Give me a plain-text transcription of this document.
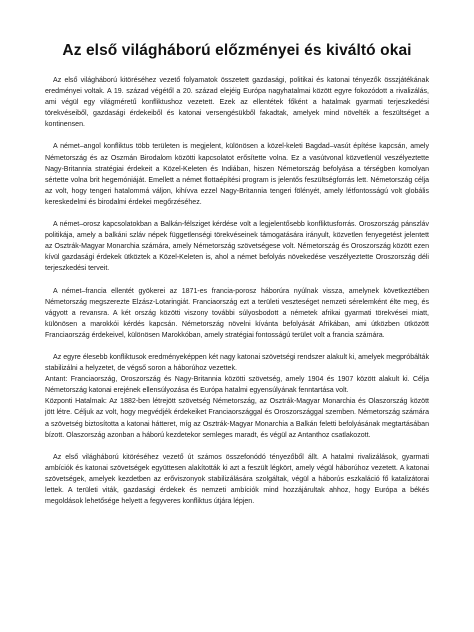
Az első világháború előzményei és kiváltó okai

Az első világháború kitöréséhez vezető folyamatok összetett gazdasági, politikai és katonai tényezők összjátékának eredményei voltak. A 19. század végétől a 20. század elejéig Európa nagyhatalmai között egyre fokozódott a rivalizálás, ami végül egy világméretű konfliktushoz vezetett. Ezek az ellentétek főként a hatalmak gyarmati terjeszkedési törekvéseiből, gazdasági érdekeiből és katonai versengésükből fakadtak, amelyek mind növelték a feszültséget a kontinensen.

A német–angol konfliktus több területen is megjelent, különösen a közel-keleti Bagdad–vasút építése kapcsán, amely Németország és az Oszmán Birodalom közötti kapcsolatot erősítette volna. Ez a vasútvonal közvetlenül veszélyeztette Nagy-Britannia stratégiai érdekeit a Közel-Keleten és Indiában, hiszen Németország befolyása a térségben komolyan sértette volna brit hegemóniáját. Emellett a német flottaépítési program is jelentős feszültségforrás lett. Németország célja az volt, hogy tengeri hatalommá váljon, kihívva ezzel Nagy-Britannia tengeri fölényét, amely létfontosságú volt globális kereskedelmi és birodalmi érdekei megőrzéséhez.

A német–orosz kapcsolatokban a Balkán-félsziget kérdése volt a legjelentősebb konfliktusforrás. Oroszország pánszláv politikája, amely a balkáni szláv népek függetlenségi törekvéseinek támogatására irányult, közvetlen fenyegetést jelentett az Osztrák-Magyar Monarchia számára, amely Németország szövetségese volt. Németország és Oroszország között ezen kívül gazdasági érdekek ütköztek a Közel-Keleten is, ahol a német befolyás növekedése veszélyeztette Oroszország déli terjeszkedési terveit.

A német–francia ellentét gyökerei az 1871-es francia-porosz háborúra nyúlnak vissza, amelynek következtében Németország megszerezte Elzász-Lotaringiát. Franciaország ezt a területi veszteséget nemzeti sérelemként élte meg, és vágyott a revansra. A két ország közötti viszony további súlyosbodott a németek afrikai gyarmati törekvései miatt, különösen a marokkói kérdés kapcsán. Németország növelni kívánta befolyását Afrikában, ami útközben ütközött Franciaország érdekeivel, különösen Marokkóban, amely stratégiai fontosságú terület volt a francia számára.

Az egyre élesebb konfliktusok eredményeképpen két nagy katonai szövetségi rendszer alakult ki, amelyek megpróbálták stabilizálni a helyzetet, de végső soron a háborúhoz vezettek.

Antant: Franciaország, Oroszország és Nagy-Britannia közötti szövetség, amely 1904 és 1907 között alakult ki. Célja Németország katonai erejének ellensúlyozása és Európa hatalmi egyensúlyának fenntartása volt.

Központi Hatalmak: Az 1882-ben létrejött szövetség Németország, az Osztrák-Magyar Monarchia és Olaszország között jött létre. Céljuk az volt, hogy megvédjék érdekeiket Franciaországgal és Oroszországgal szemben. Németország számára a szövetség biztosította a katonai hátteret, míg az Osztrák-Magyar Monarchia a Balkán feletti befolyásának megtartásában bízott. Olaszország azonban a háború kezdetekor semleges maradt, és végül az Antanthoz csatlakozott.

Az első világháború kitöréséhez vezető út számos összefonódó tényezőből állt. A hatalmi rivalizálások, gyarmati ambíciók és katonai szövetségek együttesen alakították ki azt a feszült légkört, amely végül háborúhoz vezetett. A katonai szövetségek, amelyek kezdetben az erőviszonyok stabilizálására szolgáltak, végül a háborús eszkaláció fő katalizátorai lettek. A területi viták, gazdasági érdekek és nemzeti ambíciók mind hozzájárultak ahhoz, hogy Európa a békés megoldások lehetősége helyett a fegyveres konfliktus útjára lépjen.
